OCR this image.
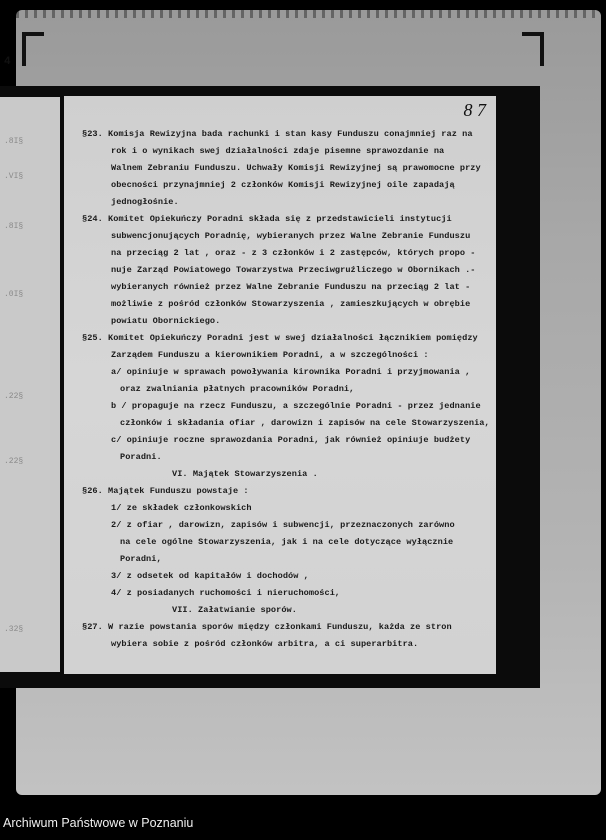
4
.8I§
.VI§
.8I§
.0I§
.22§
.22§
.32§
8 7
§23. Komisja Rewizyjna bada rachunki i stan kasy Funduszu conajmniej raz na
rok i o wynikach swej działalności zdaje pisemne sprawozdanie na
Walnem Zebraniu Funduszu. Uchwały Komisji Rewizyjnej są prawomocne przy
obecności przynajmniej 2 członków Komisji Rewizyjnej oile zapadają
jednogłośnie.
§24. Komitet Opiekuńczy Poradni składa się z przedstawicieli instytucji
subwencjonujących Poradnię, wybieranych przez Walne Zebranie Funduszu
na przeciąg 2 lat , oraz - z 3 członków i 2 zastępców, których propo -
nuje Zarząd Powiatowego Towarzystwa Przeciwgruźliczego w Obornikach .-
wybieranych również przez Walne Zebranie Funduszu na przeciąg 2 lat -
możliwie z pośród członków Stowarzyszenia , zamieszkujących w obrębie
powiatu Obornickiego.
§25. Komitet Opiekuńczy Poradni jest w swej działalności łącznikiem pomiędzy
Zarządem Funduszu a kierownikiem Poradni, a w szczególności :
a/ opiniuje w sprawach powoływania kirownika Poradni i przyjmowania ,
oraz zwalniania płatnych pracowników Poradni,
b / propaguje na rzecz Funduszu, a szczególnie Poradni - przez jednanie
członków i składania ofiar , darowizn i zapisów na cele Stowarzyszenia,
c/ opiniuje roczne sprawozdania Poradni, jak również opiniuje budżety
Poradni.
VI. Majątek Stowarzyszenia .
§26. Majątek Funduszu powstaje :
1/ ze składek członkowskich
2/ z ofiar , darowizn, zapisów i subwencji, przeznaczonych zarówno
na cele ogólne Stowarzyszenia, jak i na cele dotyczące wyłącznie
Poradni,
3/ z odsetek od kapitałów i dochodów ,
4/ z posiadanych ruchomości i nieruchomości,
VII. Załatwianie sporów.
§27. W razie powstania sporów między członkami Funduszu, każda ze stron
wybiera sobie z pośród członków arbitra, a ci superarbitra.
Archiwum Państwowe w Poznaniu
